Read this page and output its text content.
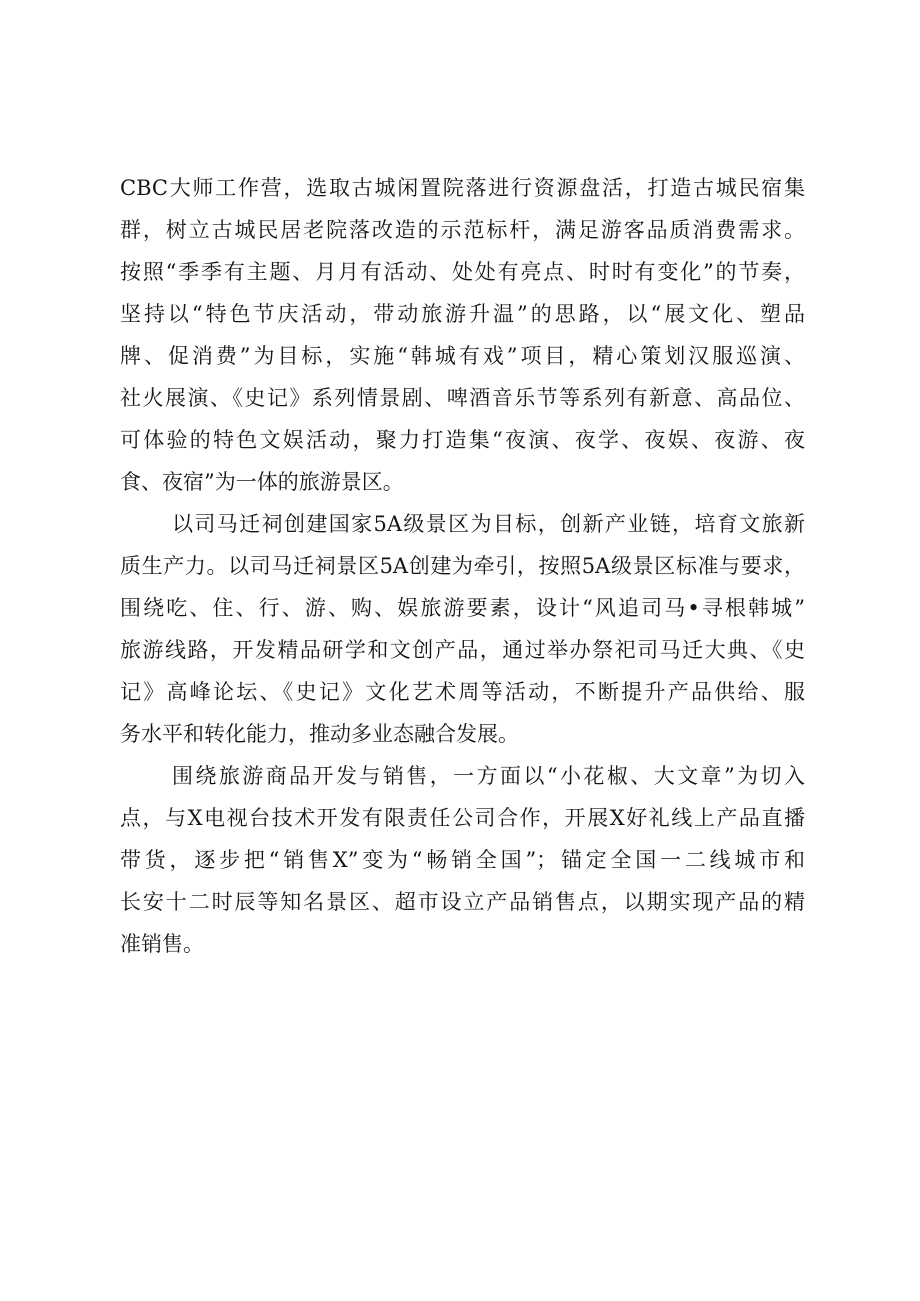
CBC大师工作营，选取古城闲置院落进行资源盘活，打造古城民宿集
群，树立古城民居老院落改造的示范标杆，满足游客品质消费需求。
按照“季季有主题、月月有活动、处处有亮点、时时有变化”的节奏，
坚持以“特色节庆活动，带动旅游升温”的思路，以“展文化、塑品
牌、促消费”为目标，实施“韩城有戏”项目，精心策划汉服巡演、
社火展演、《史记》系列情景剧、啤酒音乐节等系列有新意、高品位、
可体验的特色文娱活动，聚力打造集“夜演、夜学、夜娱、夜游、夜
食、夜宿”为一体的旅游景区。
以司马迁祠创建国家5A级景区为目标，创新产业链，培育文旅新
质生产力。以司马迁祠景区5A创建为牵引，按照5A级景区标准与要求，
围绕吃、住、行、游、购、娱旅游要素，设计“风追司马•寻根韩城”
旅游线路，开发精品研学和文创产品，通过举办祭祀司马迁大典、《史
记》高峰论坛、《史记》文化艺术周等活动，不断提升产品供给、服
务水平和转化能力，推动多业态融合发展。
围绕旅游商品开发与销售，一方面以“小花椒、大文章”为切入
点，与X电视台技术开发有限责任公司合作，开展X好礼线上产品直播
带货，逐步把“销售X”变为“畅销全国”；锚定全国一二线城市和
长安十二时辰等知名景区、超市设立产品销售点，以期实现产品的精
准销售。
